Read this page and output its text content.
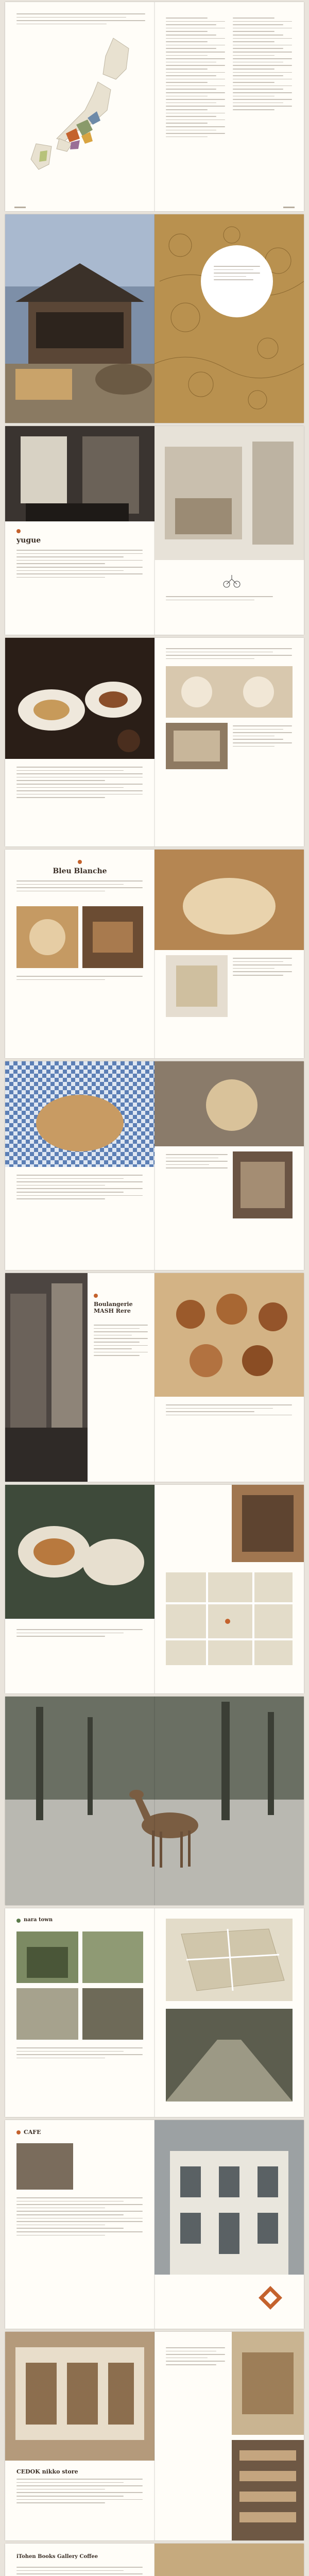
yugue
Bleu Blanche
Boulangerie MASH Rere
nara town
CAFE
CEDOK nikko store
iTohen Books Gallery Coffee
